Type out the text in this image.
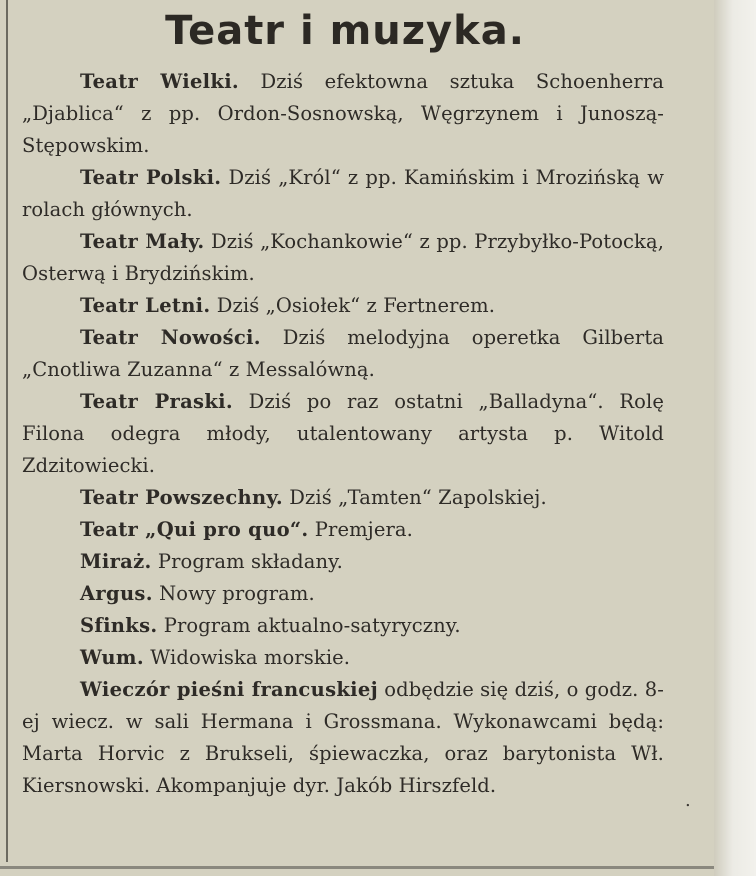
Teatr i muzyka.

Teatr Wielki. Dziś efektowna sztuka Schoenherra „Djablica“ z pp. Ordon-Sosnowską, Węgrzynem i Junoszą-Stępowskim.

Teatr Polski. Dziś „Król“ z pp. Kamińskim i Mrozińską w rolach głównych.

Teatr Mały. Dziś „Kochankowie“ z pp. Przybyłko-Potocką, Osterwą i Brydzińskim.

Teatr Letni. Dziś „Osiołek“ z Fertnerem.

Teatr Nowości. Dziś melodyjna operetka Gilberta „Cnotliwa Zuzanna“ z Messalówną.

Teatr Praski. Dziś po raz ostatni „Balladyna“. Rolę Filona odegra młody, utalentowany artysta p. Witold Zdzitowiecki.

Teatr Powszechny. Dziś „Tamten“ Zapolskiej.

Teatr „Qui pro quo“. Premjera.

Miraż. Program składany.

Argus. Nowy program.

Sfinks. Program aktualno-satyryczny.

Wum. Widowiska morskie.

Wieczór pieśni francuskiej odbędzie się dziś, o godz. 8-ej wiecz. w sali Hermana i Grossmana. Wykonawcami będą: Marta Horvic z Brukseli, śpiewaczka, oraz barytonista Wł. Kiersnowski. Akompanjuje dyr. Jakób Hirszfeld.

.
